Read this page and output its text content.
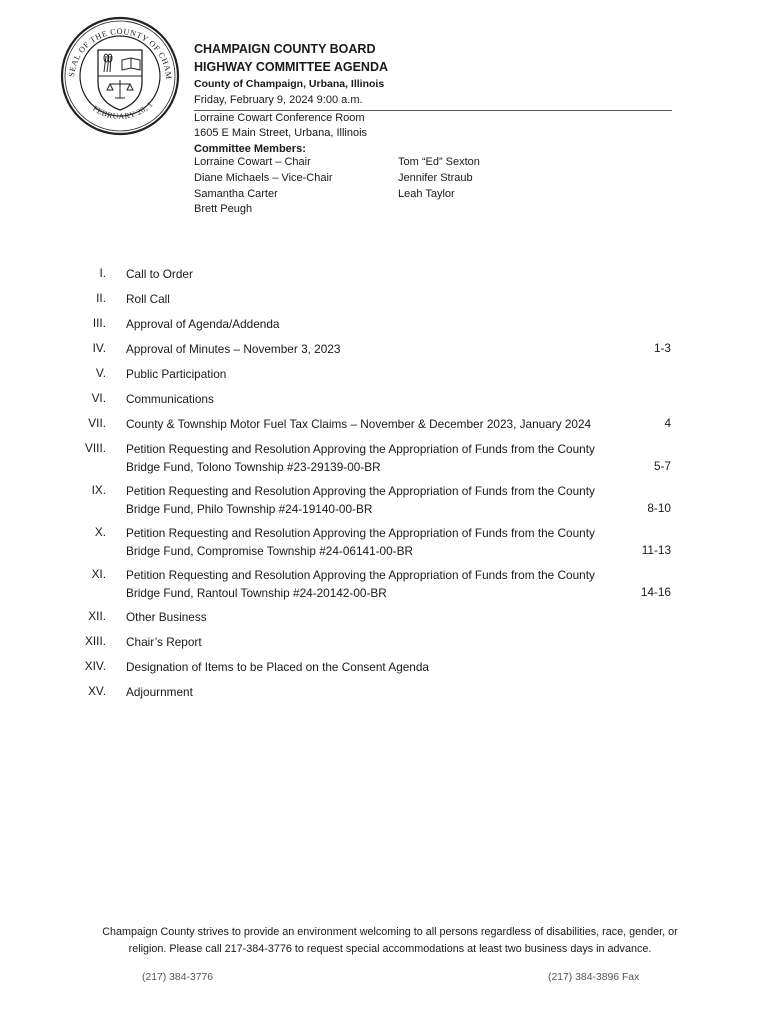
SEAL OF THE COUNTY OF CHAM
FEBRUARY 20, 1
CHAMPAIGN COUNTY BOARD
HIGHWAY COMMITTEE AGENDA
County of Champaign, Urbana, Illinois
Friday, February 9, 2024 9:00 a.m.
Lorraine Cowart Conference Room
1605 E Main Street, Urbana, Illinois
Committee Members:
Lorraine Cowart – Chair
Diane Michaels – Vice-Chair
Samantha Carter
Brett Peugh
Tom “Ed” Sexton
Jennifer Straub
Leah Taylor
I. Call to Order
II. Roll Call
III. Approval of Agenda/Addenda
IV. Approval of Minutes – November 3, 2023	1-3
V. Public Participation
VI. Communications
VII. County & Township Motor Fuel Tax Claims – November & December 2023, January 2024	4
VIII. Petition Requesting and Resolution Approving the Appropriation of Funds from the County
Bridge Fund, Tolono Township #23-29139-00-BR	5-7
IX. Petition Requesting and Resolution Approving the Appropriation of Funds from the County
Bridge Fund, Philo Township #24-19140-00-BR	8-10
X. Petition Requesting and Resolution Approving the Appropriation of Funds from the County
Bridge Fund, Compromise Township #24-06141-00-BR	11-13
XI. Petition Requesting and Resolution Approving the Appropriation of Funds from the County
Bridge Fund, Rantoul Township #24-20142-00-BR	14-16
XII. Other Business
XIII. Chair’s Report
XIV. Designation of Items to be Placed on the Consent Agenda
XV. Adjournment
Champaign County strives to provide an environment welcoming to all persons regardless of disabilities, race, gender, or
religion. Please call 217-384-3776 to request special accommodations at least two business days in advance.
(217) 384-3776	(217) 384-3896 Fax
